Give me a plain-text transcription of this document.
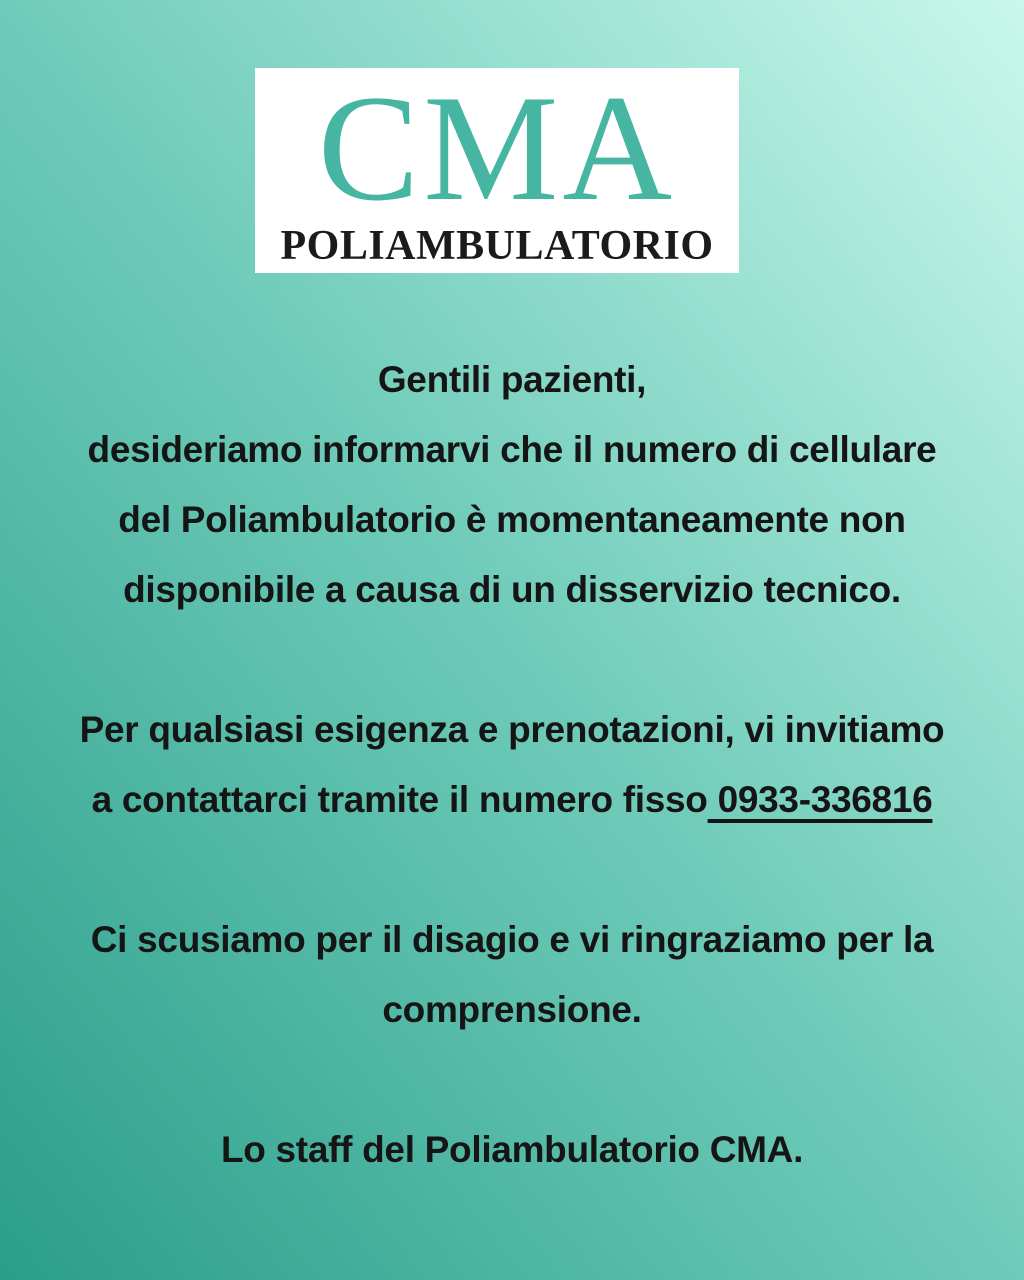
CMA
POLIAMBULATORIO

Gentili pazienti,
desideriamo informarvi che il numero di cellulare
del Poliambulatorio è momentaneamente non
disponibile a causa di un disservizio tecnico.

Per qualsiasi esigenza e prenotazioni, vi invitiamo
a contattarci tramite il numero fisso 0933-336816

Ci scusiamo per il disagio e vi ringraziamo per la
comprensione.

Lo staff del Poliambulatorio CMA.
